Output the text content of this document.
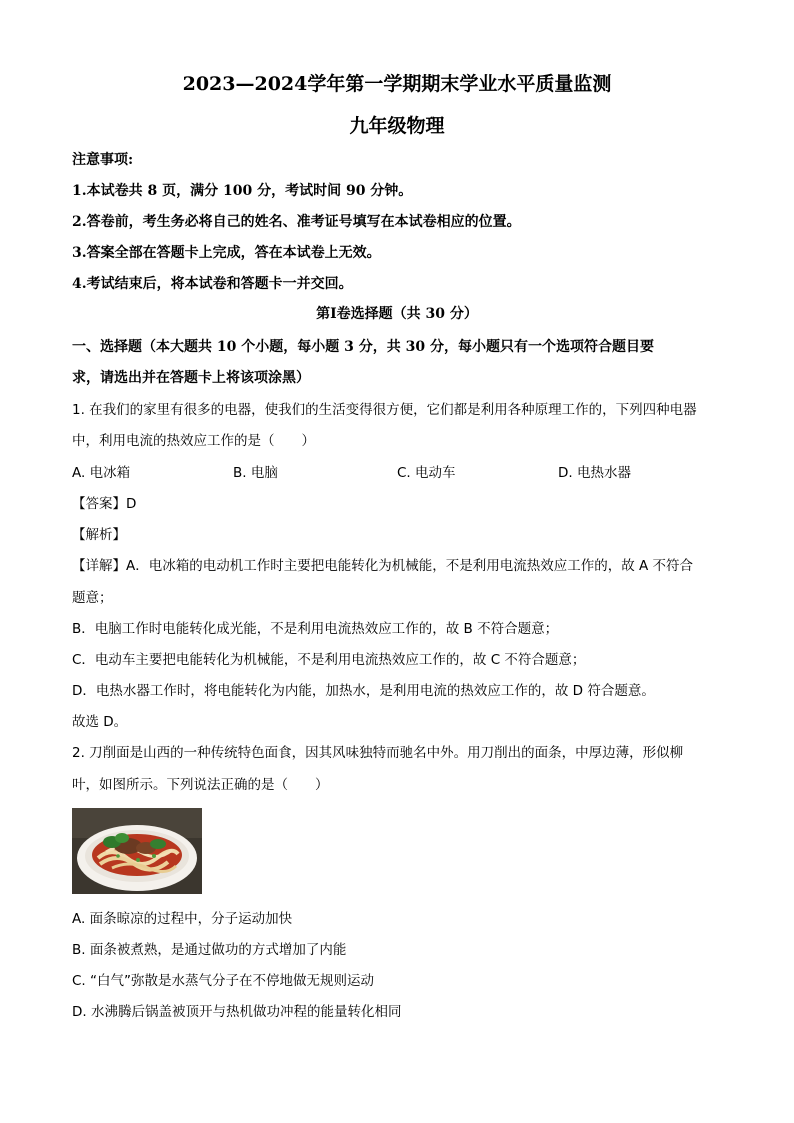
2023—2024学年第一学期期末学业水平质量监测
九年级物理
注意事项:
1.本试卷共 8 页，满分 100 分，考试时间 90 分钟。
2.答卷前，考生务必将自己的姓名、准考证号填写在本试卷相应的位置。
3.答案全部在答题卡上完成，答在本试卷上无效。
4.考试结束后，将本试卷和答题卡一并交回。
第Ⅰ卷选择题（共 30 分）
一、选择题（本大题共 10 个小题，每小题 3 分，共 30 分，每小题只有一个选项符合题目要
求，请选出并在答题卡上将该项涂黑）
1. 在我们的家里有很多的电器，使我们的生活变得很方便，它们都是利用各种原理工作的，下列四种电器
中，利用电流的热效应工作的是（　　）
A. 电冰箱	B. 电脑	C. 电动车	D. 电热水器
【答案】D
【解析】
【详解】A．电冰箱的电动机工作时主要把电能转化为机械能，不是利用电流热效应工作的，故 A 不符合
题意；
B．电脑工作时电能转化成光能，不是利用电流热效应工作的，故 B 不符合题意；
C．电动车主要把电能转化为机械能，不是利用电流热效应工作的，故 C 不符合题意；
D．电热水器工作时，将电能转化为内能，加热水，是利用电流的热效应工作的，故 D 符合题意。
故选 D。
2. 刀削面是山西的一种传统特色面食，因其风味独特而驰名中外。用刀削出的面条，中厚边薄，形似柳
叶，如图所示。下列说法正确的是（　　）
A. 面条晾凉的过程中，分子运动加快
B. 面条被煮熟，是通过做功的方式增加了内能
C. “白气”弥散是水蒸气分子在不停地做无规则运动
D. 水沸腾后锅盖被顶开与热机做功冲程的能量转化相同
